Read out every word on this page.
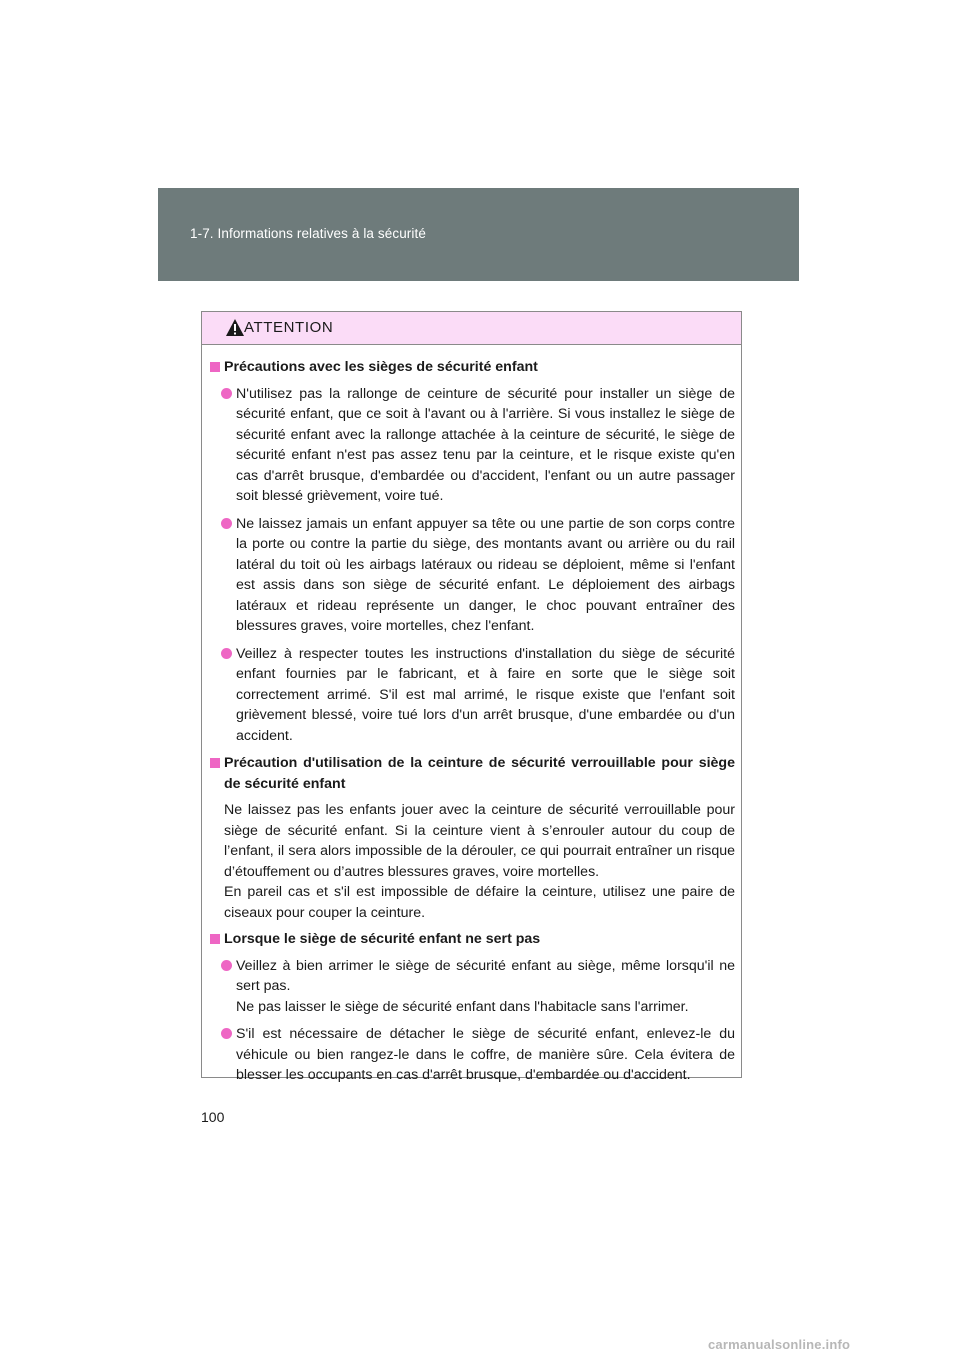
1-7. Informations relatives à la sécurité
ATTENTION
Précautions avec les sièges de sécurité enfant

N'utilisez pas la rallonge de ceinture de sécurité pour installer un siège de sécurité enfant, que ce soit à l'avant ou à l'arrière. Si vous installez le siège de sécurité enfant avec la rallonge attachée à la ceinture de sécurité, le siège de sécurité enfant n'est pas assez tenu par la ceinture, et le risque existe qu'en cas d'arrêt brusque, d'embardée ou d'accident, l'enfant ou un autre passager soit blessé grièvement, voire tué.

Ne laissez jamais un enfant appuyer sa tête ou une partie de son corps contre la porte ou contre la partie du siège, des montants avant ou arrière ou du rail latéral du toit où les airbags latéraux ou rideau se déploient, même si l'enfant est assis dans son siège de sécurité enfant. Le déploiement des airbags latéraux et rideau représente un danger, le choc pouvant entraîner des blessures graves, voire mortelles, chez l'enfant.

Veillez à respecter toutes les instructions d'installation du siège de sécurité enfant fournies par le fabricant, et à faire en sorte que le siège soit correctement arrimé. S'il est mal arrimé, le risque existe que l'enfant soit grièvement blessé, voire tué lors d'un arrêt brusque, d'une embardée ou d'un accident.

Précaution d'utilisation de la ceinture de sécurité verrouillable pour siège de sécurité enfant

Ne laissez pas les enfants jouer avec la ceinture de sécurité verrouillable pour siège de sécurité enfant. Si la ceinture vient à s’enrouler autour du coup de l’enfant, il sera alors impossible de la dérouler, ce qui pourrait entraîner un risque d’étouffement ou d’autres blessures graves, voire mortelles.

En pareil cas et s'il est impossible de défaire la ceinture, utilisez une paire de ciseaux pour couper la ceinture.

Lorsque le siège de sécurité enfant ne sert pas

Veillez à bien arrimer le siège de sécurité enfant au siège, même lorsqu'il ne sert pas.

Ne pas laisser le siège de sécurité enfant dans l'habitacle sans l'arrimer.

S'il est nécessaire de détacher le siège de sécurité enfant, enlevez-le du véhicule ou bien rangez-le dans le coffre, de manière sûre. Cela évitera de blesser les occupants en cas d'arrêt brusque, d'embardée ou d'accident.

100
carmanualsonline.info
